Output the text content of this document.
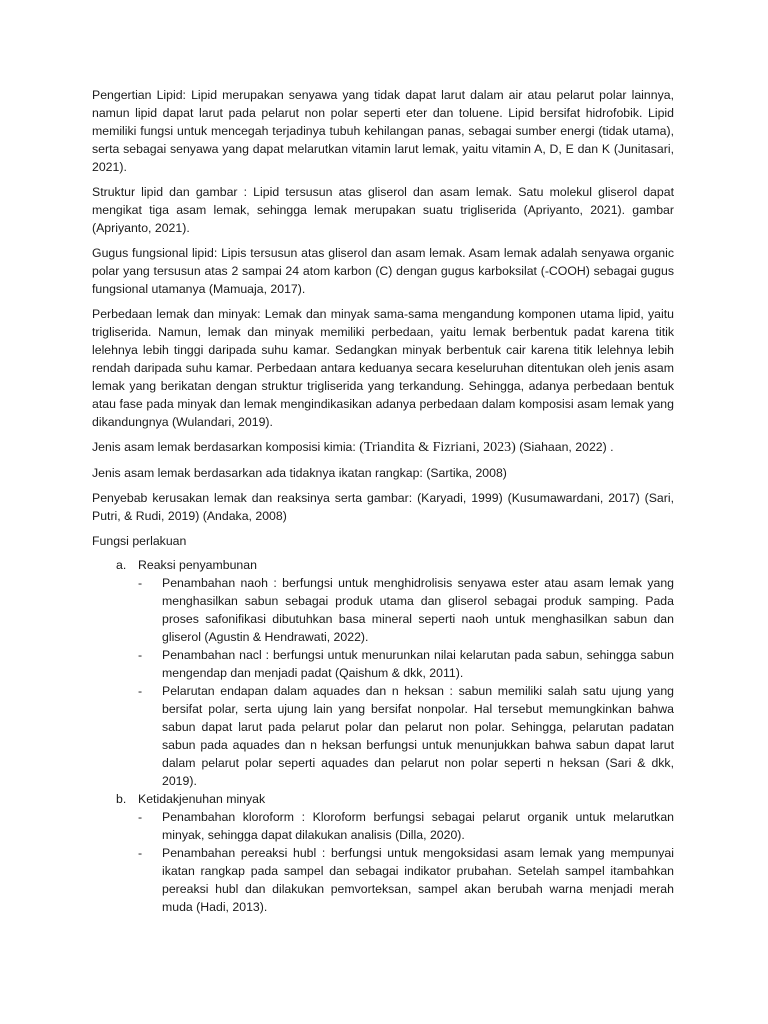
Pengertian Lipid: Lipid merupakan senyawa yang tidak dapat larut dalam air atau pelarut polar lainnya, namun lipid dapat larut pada pelarut non polar seperti eter dan toluene. Lipid bersifat hidrofobik. Lipid memiliki fungsi untuk mencegah terjadinya tubuh kehilangan panas, sebagai sumber energi (tidak utama), serta sebagai senyawa yang dapat melarutkan vitamin larut lemak, yaitu vitamin A, D, E dan K (Junitasari, 2021).

Struktur lipid dan gambar : Lipid tersusun atas gliserol dan asam lemak. Satu molekul gliserol dapat mengikat tiga asam lemak, sehingga lemak merupakan suatu trigliserida (Apriyanto, 2021). gambar (Apriyanto, 2021).

Gugus fungsional lipid: Lipis tersusun atas gliserol dan asam lemak. Asam lemak adalah senyawa organic polar yang tersusun atas 2 sampai 24 atom karbon (C) dengan gugus karboksilat (-COOH) sebagai gugus fungsional utamanya (Mamuaja, 2017).

Perbedaan lemak dan minyak: Lemak dan minyak sama-sama mengandung komponen utama lipid, yaitu trigliserida. Namun, lemak dan minyak memiliki perbedaan, yaitu lemak berbentuk padat karena titik lelehnya lebih tinggi daripada suhu kamar. Sedangkan minyak berbentuk cair karena titik lelehnya lebih rendah daripada suhu kamar. Perbedaan antara keduanya secara keseluruhan ditentukan oleh jenis asam lemak yang berikatan dengan struktur trigliserida yang terkandung. Sehingga, adanya perbedaan bentuk atau fase pada minyak dan lemak mengindikasikan adanya perbedaan dalam komposisi asam lemak yang dikandungnya (Wulandari, 2019).

Jenis asam lemak berdasarkan komposisi kimia: (Triandita & Fizriani, 2023) (Siahaan, 2022) .

Jenis asam lemak berdasarkan ada tidaknya ikatan rangkap: (Sartika, 2008)

Penyebab kerusakan lemak dan reaksinya serta gambar: (Karyadi, 1999) (Kusumawardani, 2017) (Sari, Putri, & Rudi, 2019) (Andaka, 2008)

Fungsi perlakuan

a. Reaksi penyambunan
-	Penambahan naoh : berfungsi untuk menghidrolisis senyawa ester atau asam lemak yang menghasilkan sabun sebagai produk utama dan gliserol sebagai produk samping. Pada proses safonifikasi dibutuhkan basa mineral seperti naoh untuk menghasilkan sabun dan gliserol (Agustin & Hendrawati, 2022).
-	Penambahan nacl : berfungsi untuk menurunkan nilai kelarutan pada sabun, sehingga sabun mengendap dan menjadi padat (Qaishum & dkk, 2011).
-	Pelarutan endapan dalam aquades dan n heksan : sabun memiliki salah satu ujung yang bersifat polar, serta ujung lain yang bersifat nonpolar. Hal tersebut memungkinkan bahwa sabun dapat larut pada pelarut polar dan pelarut non polar. Sehingga, pelarutan padatan sabun pada aquades dan n heksan berfungsi untuk menunjukkan bahwa sabun dapat larut dalam pelarut polar seperti aquades dan pelarut non polar seperti n heksan (Sari & dkk, 2019).
b. Ketidakjenuhan minyak
-	Penambahan kloroform : Kloroform berfungsi sebagai pelarut organik untuk melarutkan minyak, sehingga dapat dilakukan analisis (Dilla, 2020).
-	Penambahan pereaksi hubl : berfungsi untuk mengoksidasi asam lemak yang mempunyai ikatan rangkap pada sampel dan sebagai indikator prubahan. Setelah sampel itambahkan pereaksi hubl dan dilakukan pemvorteksan, sampel akan berubah warna menjadi merah muda (Hadi, 2013).
